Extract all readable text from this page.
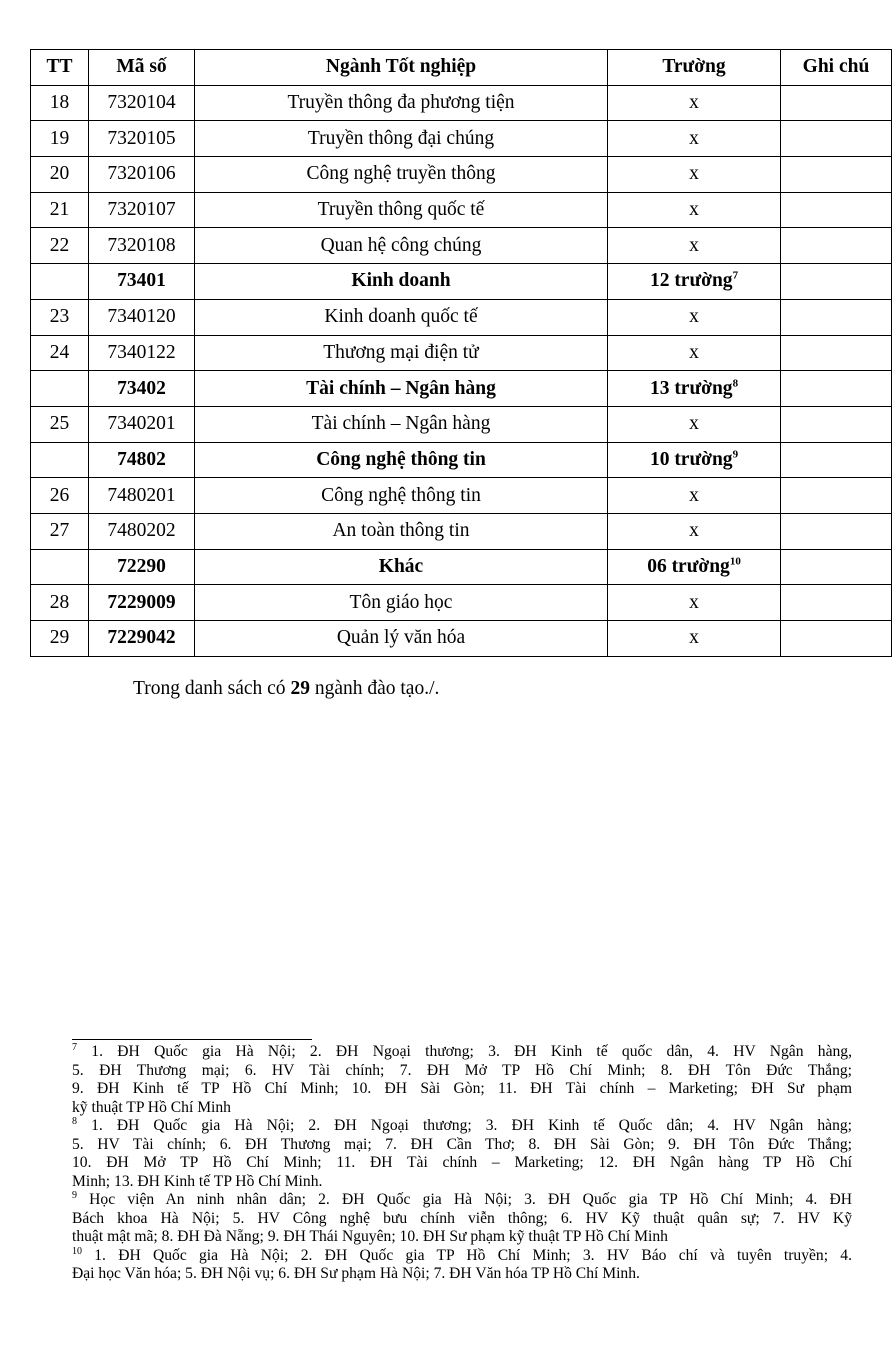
TT	Mã số	Ngành Tốt nghiệp	Trường	Ghi chú
18	7320104	Truyền thông đa phương tiện	x	
19	7320105	Truyền thông đại chúng	x	
20	7320106	Công nghệ truyền thông	x	
21	7320107	Truyền thông quốc tế	x	
22	7320108	Quan hệ công chúng	x	
	73401	Kinh doanh	12 trường$^7$	
23	7340120	Kinh doanh quốc tế	x	
24	7340122	Thương mại điện tử	x	
	73402	Tài chính – Ngân hàng	13 trường$^8$	
25	7340201	Tài chính – Ngân hàng	x	
	74802	Công nghệ thông tin	10 trường$^9$	
26	7480201	Công nghệ thông tin	x	
27	7480202	An toàn thông tin	x	
	72290	Khác	06 trường$^{10}$	
28	7229009	Tôn giáo học	x	
29	7229042	Quản lý văn hóa	x	
Trong danh sách có 29 ngành đào tạo./.

$^7$ 1. ĐH Quốc gia Hà Nội; 2. ĐH Ngoại thương; 3. ĐH Kinh tế quốc dân, 4. HV Ngân hàng,
5. ĐH Thương mại; 6. HV Tài chính; 7. ĐH Mở TP Hồ Chí Minh; 8. ĐH Tôn Đức Thắng;
9. ĐH Kinh tế TP Hồ Chí Minh; 10. ĐH Sài Gòn; 11. ĐH Tài chính – Marketing; ĐH Sư phạm
kỹ thuật TP Hồ Chí Minh

$^8$ 1. ĐH Quốc gia Hà Nội; 2. ĐH Ngoại thương; 3. ĐH Kinh tế Quốc dân; 4. HV Ngân hàng;
5. HV Tài chính; 6. ĐH Thương mại; 7. ĐH Cần Thơ; 8. ĐH Sài Gòn; 9. ĐH Tôn Đức Thắng;
10. ĐH Mở TP Hồ Chí Minh; 11. ĐH Tài chính – Marketing; 12. ĐH Ngân hàng TP Hồ Chí
Minh; 13. ĐH Kinh tế TP Hồ Chí Minh.

$^9$ Học viện An ninh nhân dân; 2. ĐH Quốc gia Hà Nội; 3. ĐH Quốc gia TP Hồ Chí Minh; 4. ĐH
Bách khoa Hà Nội; 5. HV Công nghệ bưu chính viễn thông; 6. HV Kỹ thuật quân sự; 7. HV Kỹ
thuật mật mã; 8. ĐH Đà Nẵng; 9. ĐH Thái Nguyên; 10. ĐH Sư phạm kỹ thuật TP Hồ Chí Minh

$^{10}$ 1. ĐH Quốc gia Hà Nội; 2. ĐH Quốc gia TP Hồ Chí Minh; 3. HV Báo chí và tuyên truyền; 4.
Đại học Văn hóa; 5. ĐH Nội vụ; 6. ĐH Sư phạm Hà Nội; 7. ĐH Văn hóa TP Hồ Chí Minh.
